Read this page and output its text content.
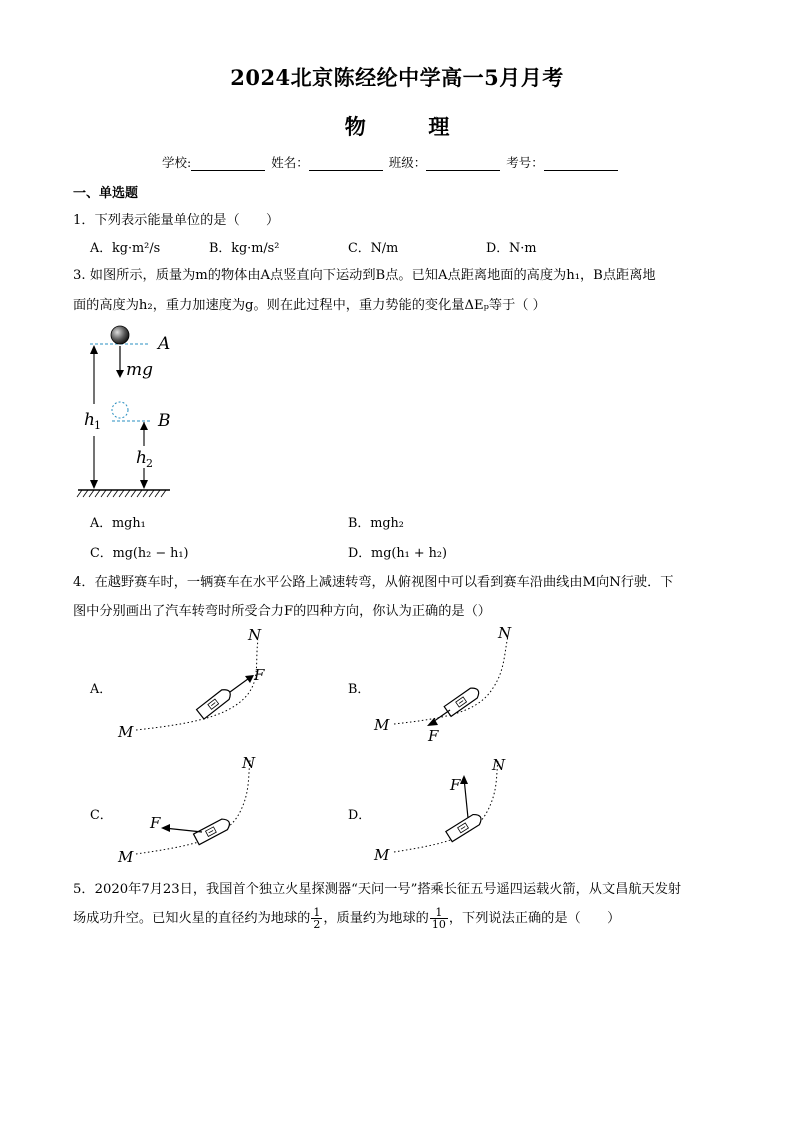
2024北京陈经纶中学高一5月月考
物	理
学校:	姓名：	班级：	考号：
一、单选题
1．下列表示能量单位的是（　　）
A．kg·m²/s	B．kg·m/s²	C．N/m	D．N·m
3. 如图所示，质量为m的物体由A点竖直向下运动到B点。已知A点距离地面的高度为h₁，B点距离地
面的高度为h₂，重力加速度为g。则在此过程中，重力势能的变化量ΔEₚ等于（ ）
A
B
mg
h 1
h 2
A．mgh₁	B．mgh₂
C．mg(h₂ − h₁)	D．mg(h₁ + h₂)
4．在越野赛车时，一辆赛车在水平公路上减速转弯，从俯视图中可以看到赛车沿曲线由M向N行驶．下
图中分别画出了汽车转弯时所受合力F的四种方向，你认为正确的是（）
A．	B．
C．	D．
F
N
M	F
N
M
F
N
M
F
N
M
5．2020年7月23日，我国首个独立火星探测器“天问一号”搭乘长征五号遥四运载火箭，从文昌航天发射
场成功升空。已知火星的直径约为地球的 $\frac{1}{2}$ ，质量约为地球的 $\frac{1}{10}$ ，下列说法正确的是（　　）
